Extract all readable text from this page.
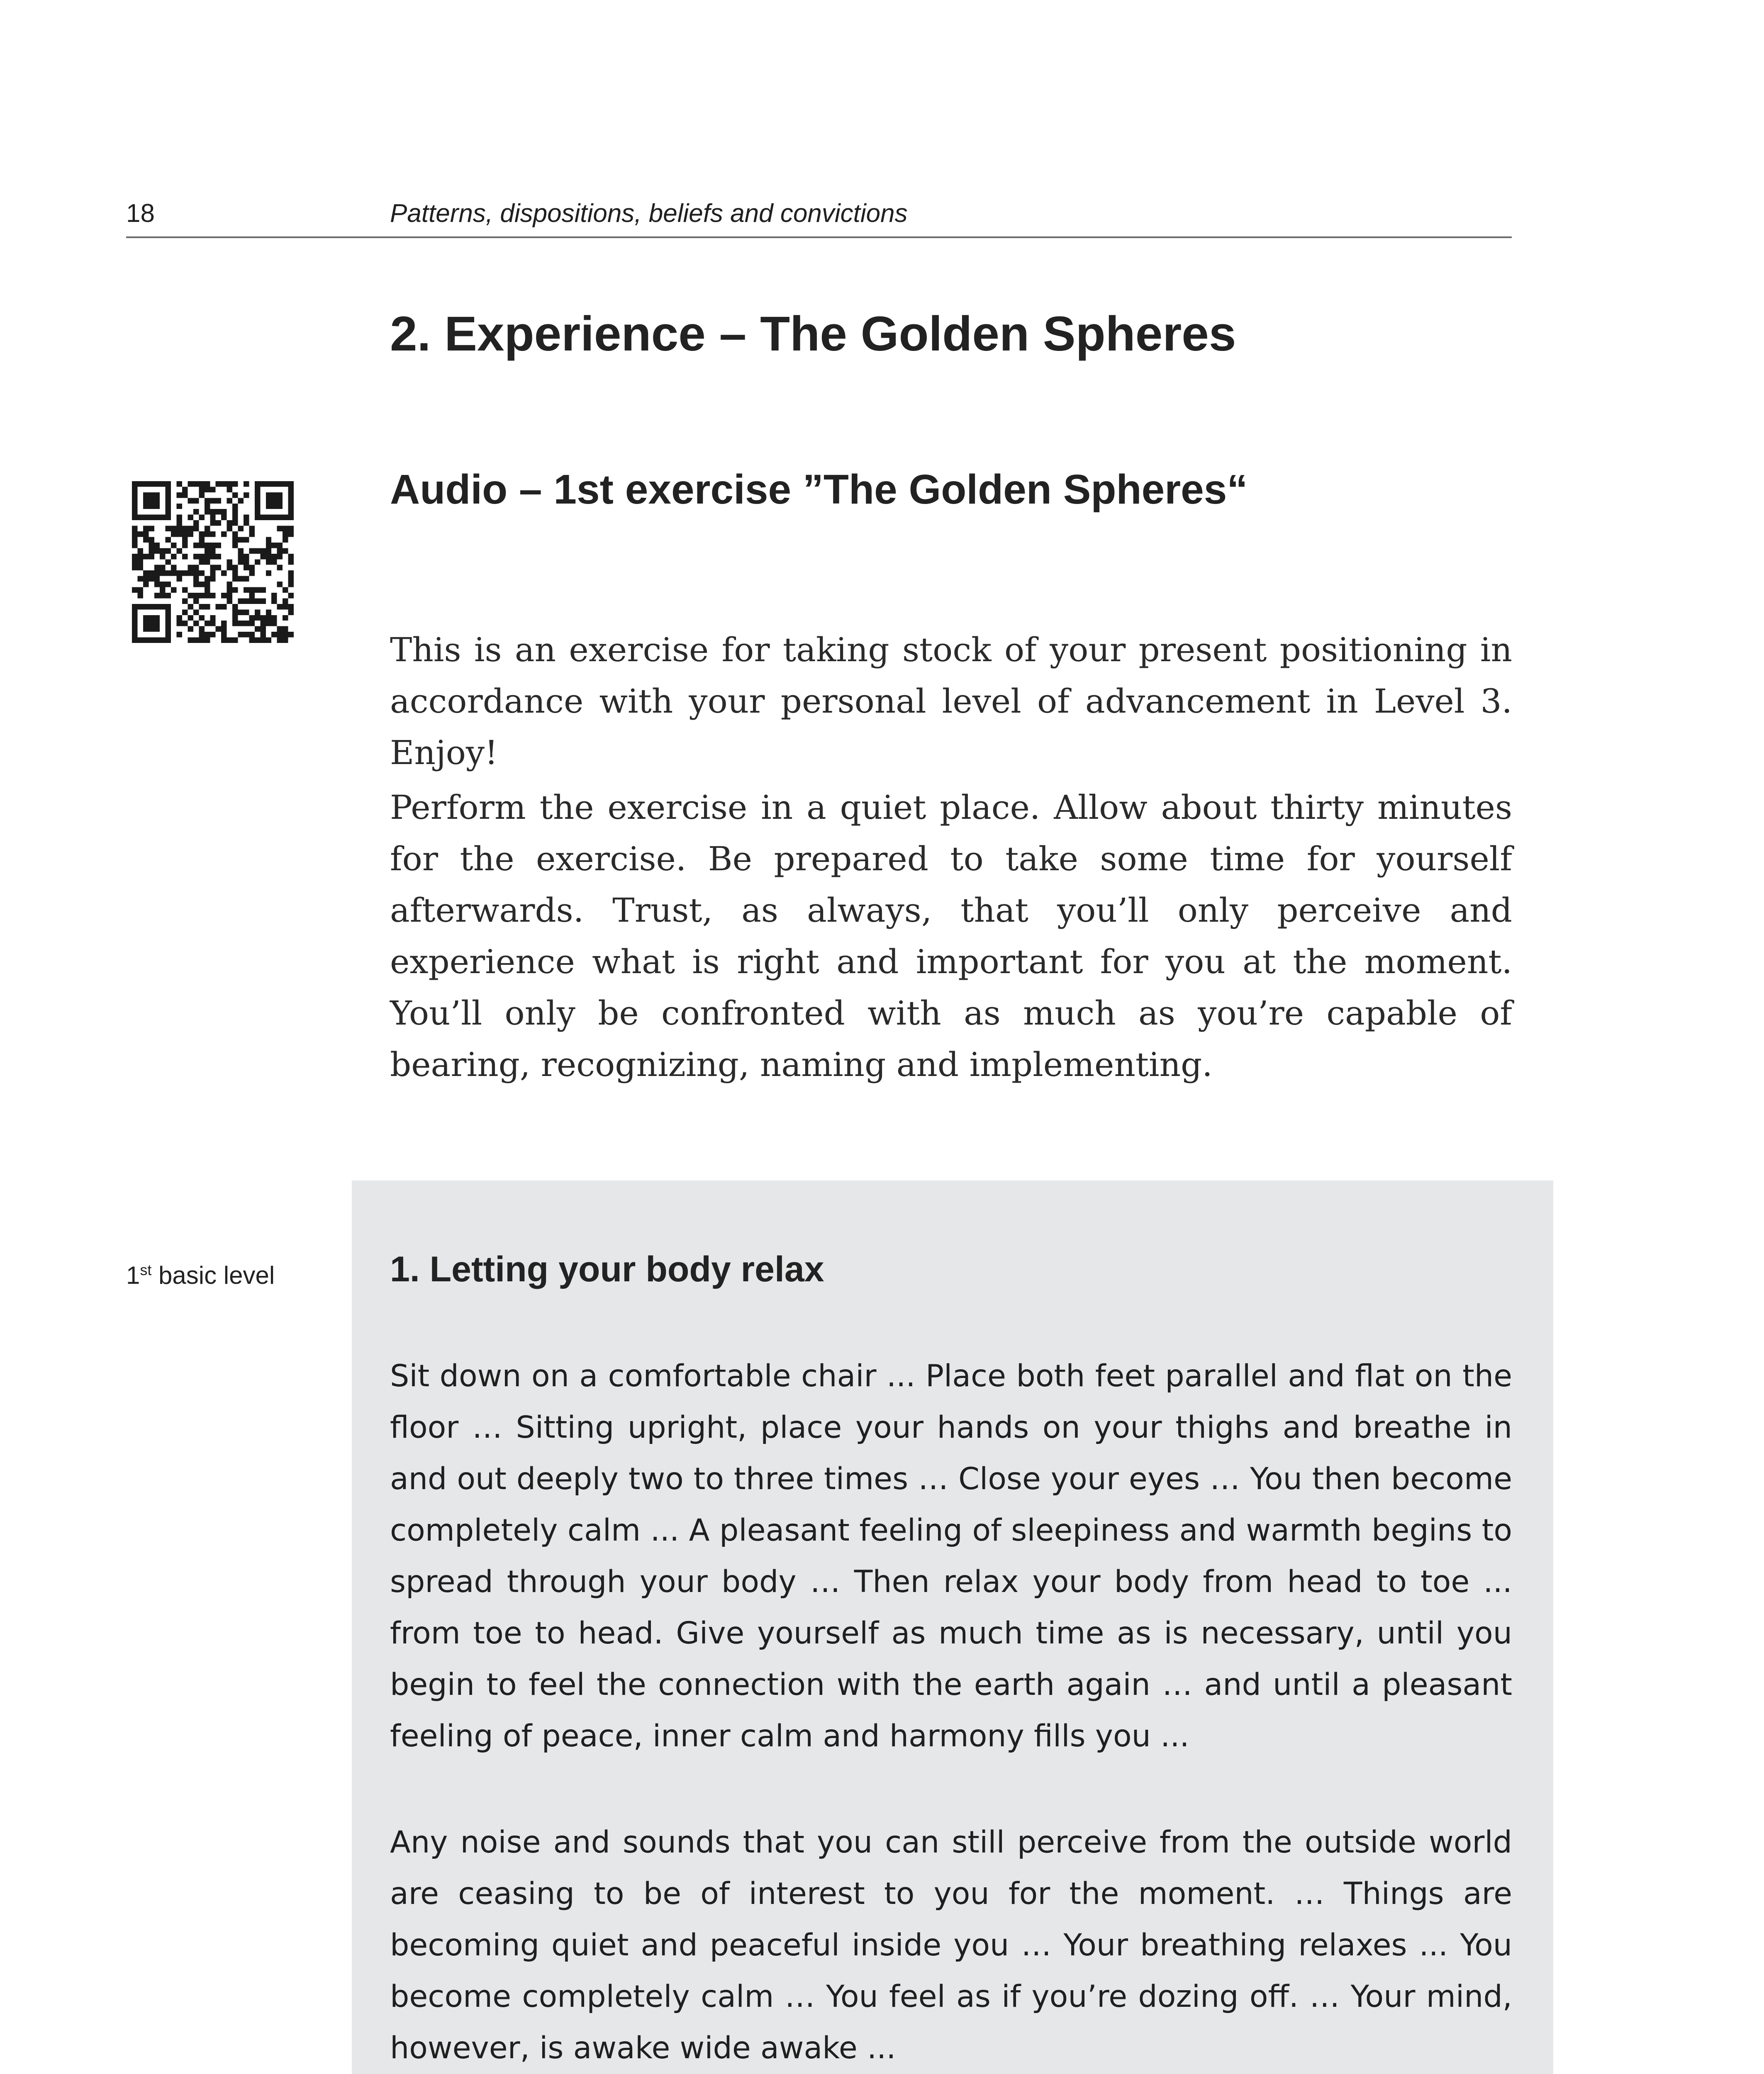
18	Patterns, dispositions, beliefs and convictions
2. Experience – The Golden Spheres
Audio – 1st exercise ”The Golden Spheres“

This is an exercise for taking stock of your present positioning in accordance with your personal level of advancement in Level 3. Enjoy!

Perform the exercise in a quiet place. Allow about thirty minutes for the exercise. Be prepared to take some time for yourself afterwards. Trust, as always, that you’ll only perceive and experience what is right and important for you at the moment. You’ll only be confronted with as much as you’re capable of bearing, recognizing, naming and implementing.

1st basic level	1. Letting your body relax

Sit down on a comfortable chair ... Place both feet parallel and flat on the floor … Sitting upright, place your hands on your thighs and breathe in and out deeply two to three times … Close your eyes … You then become completely calm ... A pleasant feeling of sleepiness and warmth begins to spread through your body … Then relax your body from head to toe ... from toe to head. Give yourself as much time as is necessary, until you begin to feel the connection with the earth again … and until a pleasant feeling of peace, inner calm and harmony fills you ...

Any noise and sounds that you can still perceive from the outside world are ceasing to be of interest to you for the moment. … Things are becoming quiet and peaceful inside you … Your breathing relaxes ... You become completely calm … You feel as if you’re dozing off. … Your mind, however, is awake wide awake ...
